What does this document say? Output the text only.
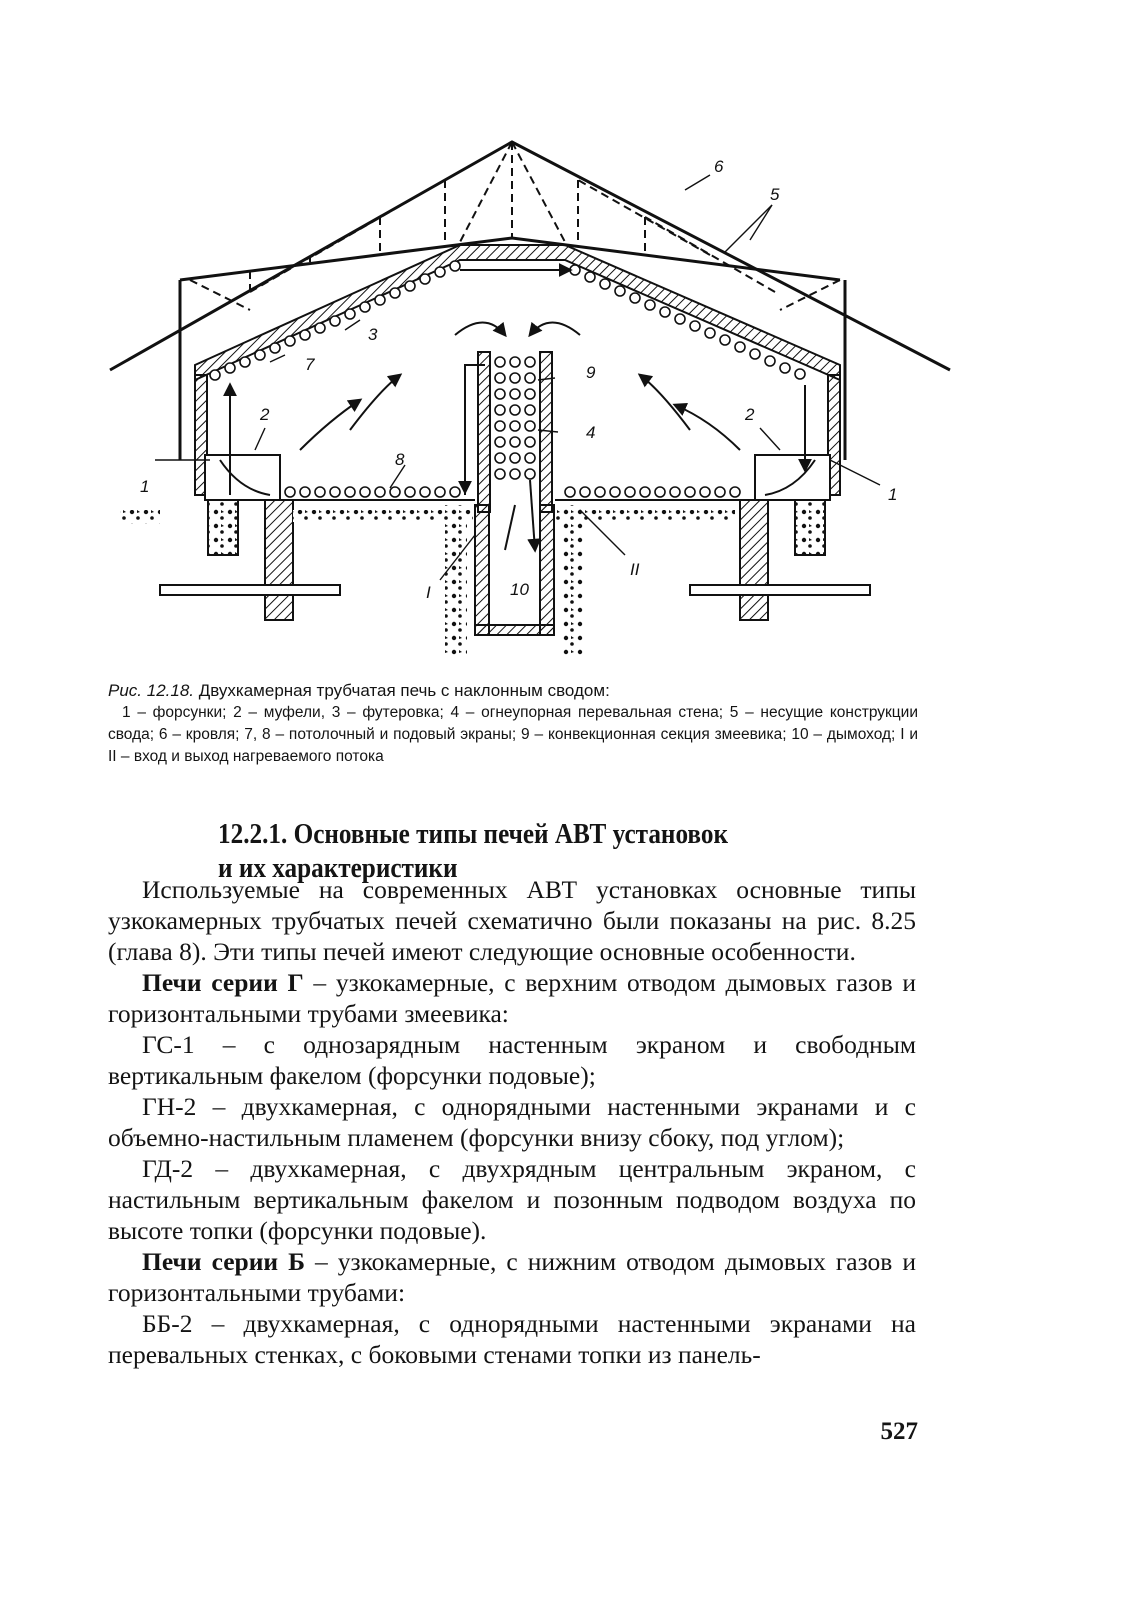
6
5
3
7	9
4
8
2	2
1	1
10
I
II
Рис. 12.18. Двухкамерная трубчатая печь с наклонным сводом:
1 – форсунки; 2 – муфели, 3 – футеровка; 4 – огнеупорная перевальная стена; 5 – несущие конструкции свода; 6 – кровля; 7, 8 – потолочный и подовый экраны; 9 – конвекционная секция змеевика; 10 – дымоход; I и II – вход и выход нагреваемого потока
12.2.1. Основные типы печей АВТ установок
и их характеристики

Используемые на современных АВТ установках основные типы узкокамерных трубчатых печей схематично были показаны на рис. 8.25 (глава 8). Эти типы печей имеют следующие основные особенности.

Печи серии Г – узкокамерные, с верхним отводом дымовых газов и горизонтальными трубами змеевика:

ГС-1 – с однозарядным настенным экраном и свободным вертикальным факелом (форсунки подовые);

ГН-2 – двухкамерная, с однорядными настенными экранами и с объемно-настильным пламенем (форсунки внизу сбоку, под углом);

ГД-2 – двухкамерная, с двухрядным центральным экраном, с настильным вертикальным факелом и позонным подводом воздуха по высоте топки (форсунки подовые).

Печи серии Б – узкокамерные, с нижним отводом дымовых газов и горизонтальными трубами:

ББ-2 – двухкамерная, с однорядными настенными экранами на перевальных стенках, с боковыми стенами топки из панель-

527
